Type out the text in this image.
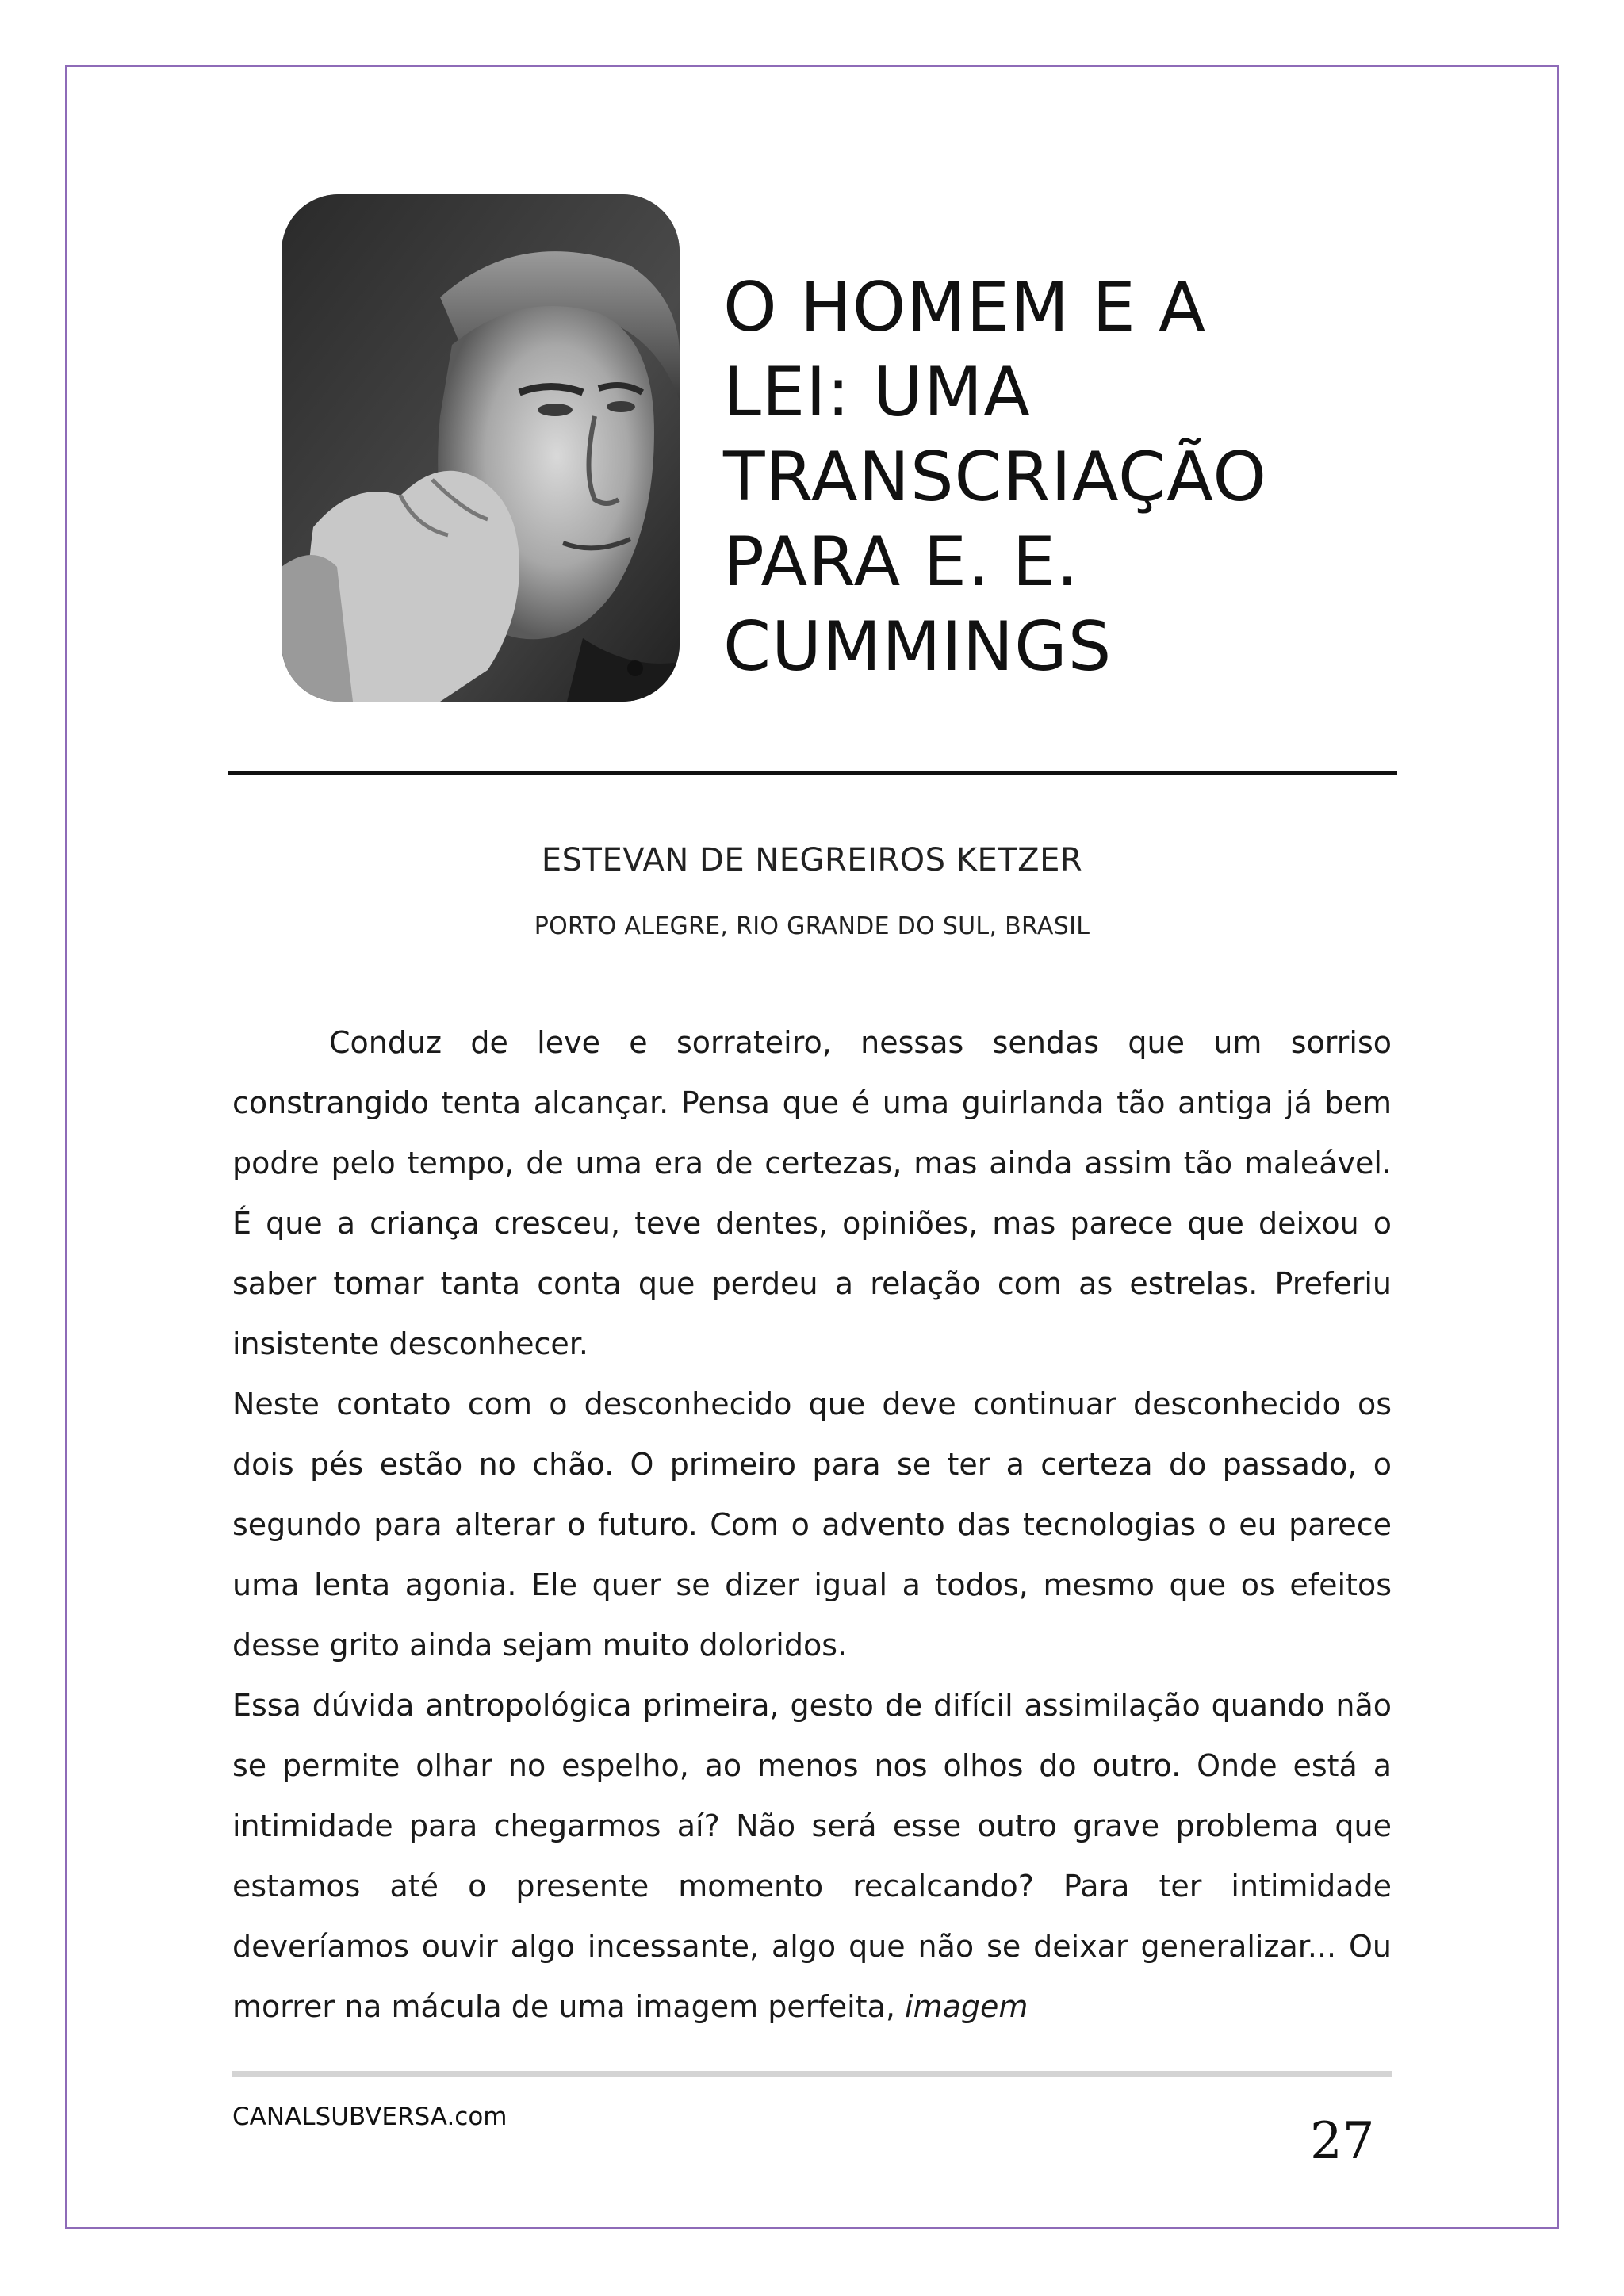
O HOMEM E A
LEI: UMA
TRANSCRIAÇÃO
PARA E. E.
CUMMINGS
ESTEVAN DE NEGREIROS KETZER
PORTO ALEGRE, RIO GRANDE DO SUL, BRASIL

Conduz de leve e sorrateiro, nessas sendas que um sorriso constrangido tenta alcançar. Pensa que é uma guirlanda tão antiga já bem podre pelo tempo, de uma era de certezas, mas ainda assim tão maleável. É que a criança cresceu, teve dentes, opiniões, mas parece que deixou o saber tomar tanta conta que perdeu a relação com as estrelas. Preferiu insistente desconhecer.

Neste contato com o desconhecido que deve continuar desconhecido os dois pés estão no chão. O primeiro para se ter a certeza do passado, o segundo para alterar o futuro. Com o advento das tecnologias o eu parece uma lenta agonia. Ele quer se dizer igual a todos, mesmo que os efeitos desse grito ainda sejam muito doloridos.

Essa dúvida antropológica primeira, gesto de difícil assimilação quando não se permite olhar no espelho, ao menos nos olhos do outro. Onde está a intimidade para chegarmos aí? Não será esse outro grave problema que estamos até o presente momento recalcando? Para ter intimidade deveríamos ouvir algo incessante, algo que não se deixar generalizar... Ou morrer na mácula de uma imagem perfeita, imagem

CANALSUBVERSA.com	27
